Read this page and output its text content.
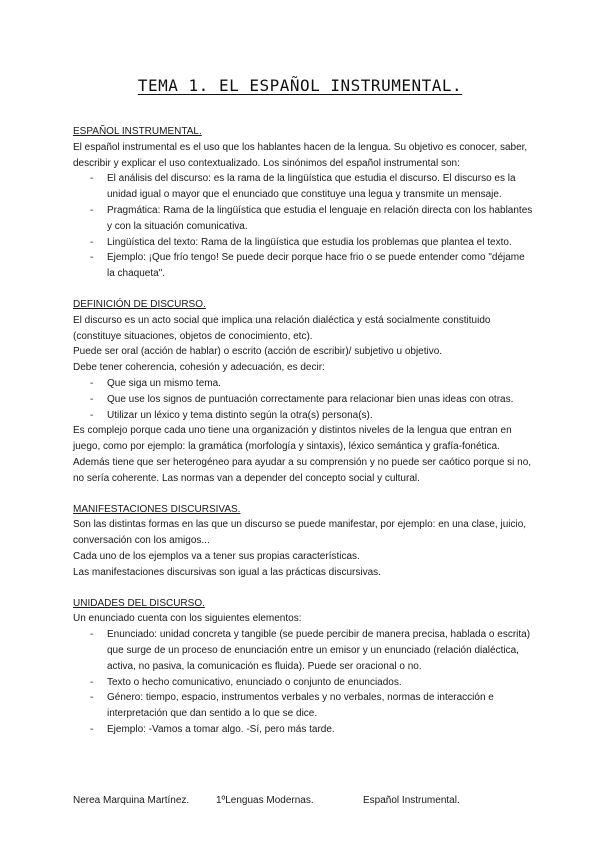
TEMA 1. EL ESPAÑOL INSTRUMENTAL.

ESPAÑOL INSTRUMENTAL.

El español instrumental es el uso que los hablantes hacen de la lengua. Su objetivo es conocer, saber, describir y explicar el uso contextualizado. Los sinónimos del español instrumental son:

- El análisis del discurso: es la rama de la lingüística que estudia el discurso. El discurso es la unidad igual o mayor que el enunciado que constituye una legua y transmite un mensaje.
- Pragmática: Rama de la lingüística que estudia el lenguaje en relación directa con los hablantes y con la situación comunicativa.
- Lingüística del texto: Rama de la lingüística que estudia los problemas que plantea el texto.
- Ejemplo: ¡Que frío tengo! Se puede decir porque hace frio o se puede entender como "déjame la chaqueta".

DEFINICIÓN DE DISCURSO.

El discurso es un acto social que implica una relación dialéctica y está socialmente constituido (constituye situaciones, objetos de conocimiento, etc).

Puede ser oral (acción de hablar) o escrito (acción de escribir)/ subjetivo u objetivo.

Debe tener coherencia, cohesión y adecuación, es decir:

- Que siga un mismo tema.
- Que use los signos de puntuación correctamente para relacionar bien unas ideas con otras.
- Utilizar un léxico y tema distinto según la otra(s) persona(s).

Es complejo porque cada uno tiene una organización y distintos niveles de la lengua que entran en juego, como por ejemplo: la gramática (morfología y sintaxis), léxico semántica y grafía-fonética.

Además tiene que ser heterogéneo para ayudar a su comprensión y no puede ser caótico porque si no, no sería coherente. Las normas van a depender del concepto social y cultural.

MANIFESTACIONES DISCURSIVAS.

Son las distintas formas en las que un discurso se puede manifestar, por ejemplo: en una clase, juicio, conversación con los amigos...

Cada uno de los ejemplos va a tener sus propias características.

Las manifestaciones discursivas son igual a las prácticas discursivas.

UNIDADES DEL DISCURSO.

Un enunciado cuenta con los siguientes elementos:

- Enunciado: unidad concreta y tangible (se puede percibir de manera precisa, hablada o escrita) que surge de un proceso de enunciación entre un emisor y un enunciado (relación dialéctica, activa, no pasiva, la comunicación es fluida). Puede ser oracional o no.
- Texto o hecho comunicativo, enunciado o conjunto de enunciados.
- Género: tiempo, espacio, instrumentos verbales y no verbales, normas de interacción e interpretación que dan sentido a lo que se dice.
- Ejemplo: -Vamos a tomar algo. -Sí, pero más tarde.
Nerea Marquina Martínez.	1ºLenguas Modernas.	Español Instrumental.
